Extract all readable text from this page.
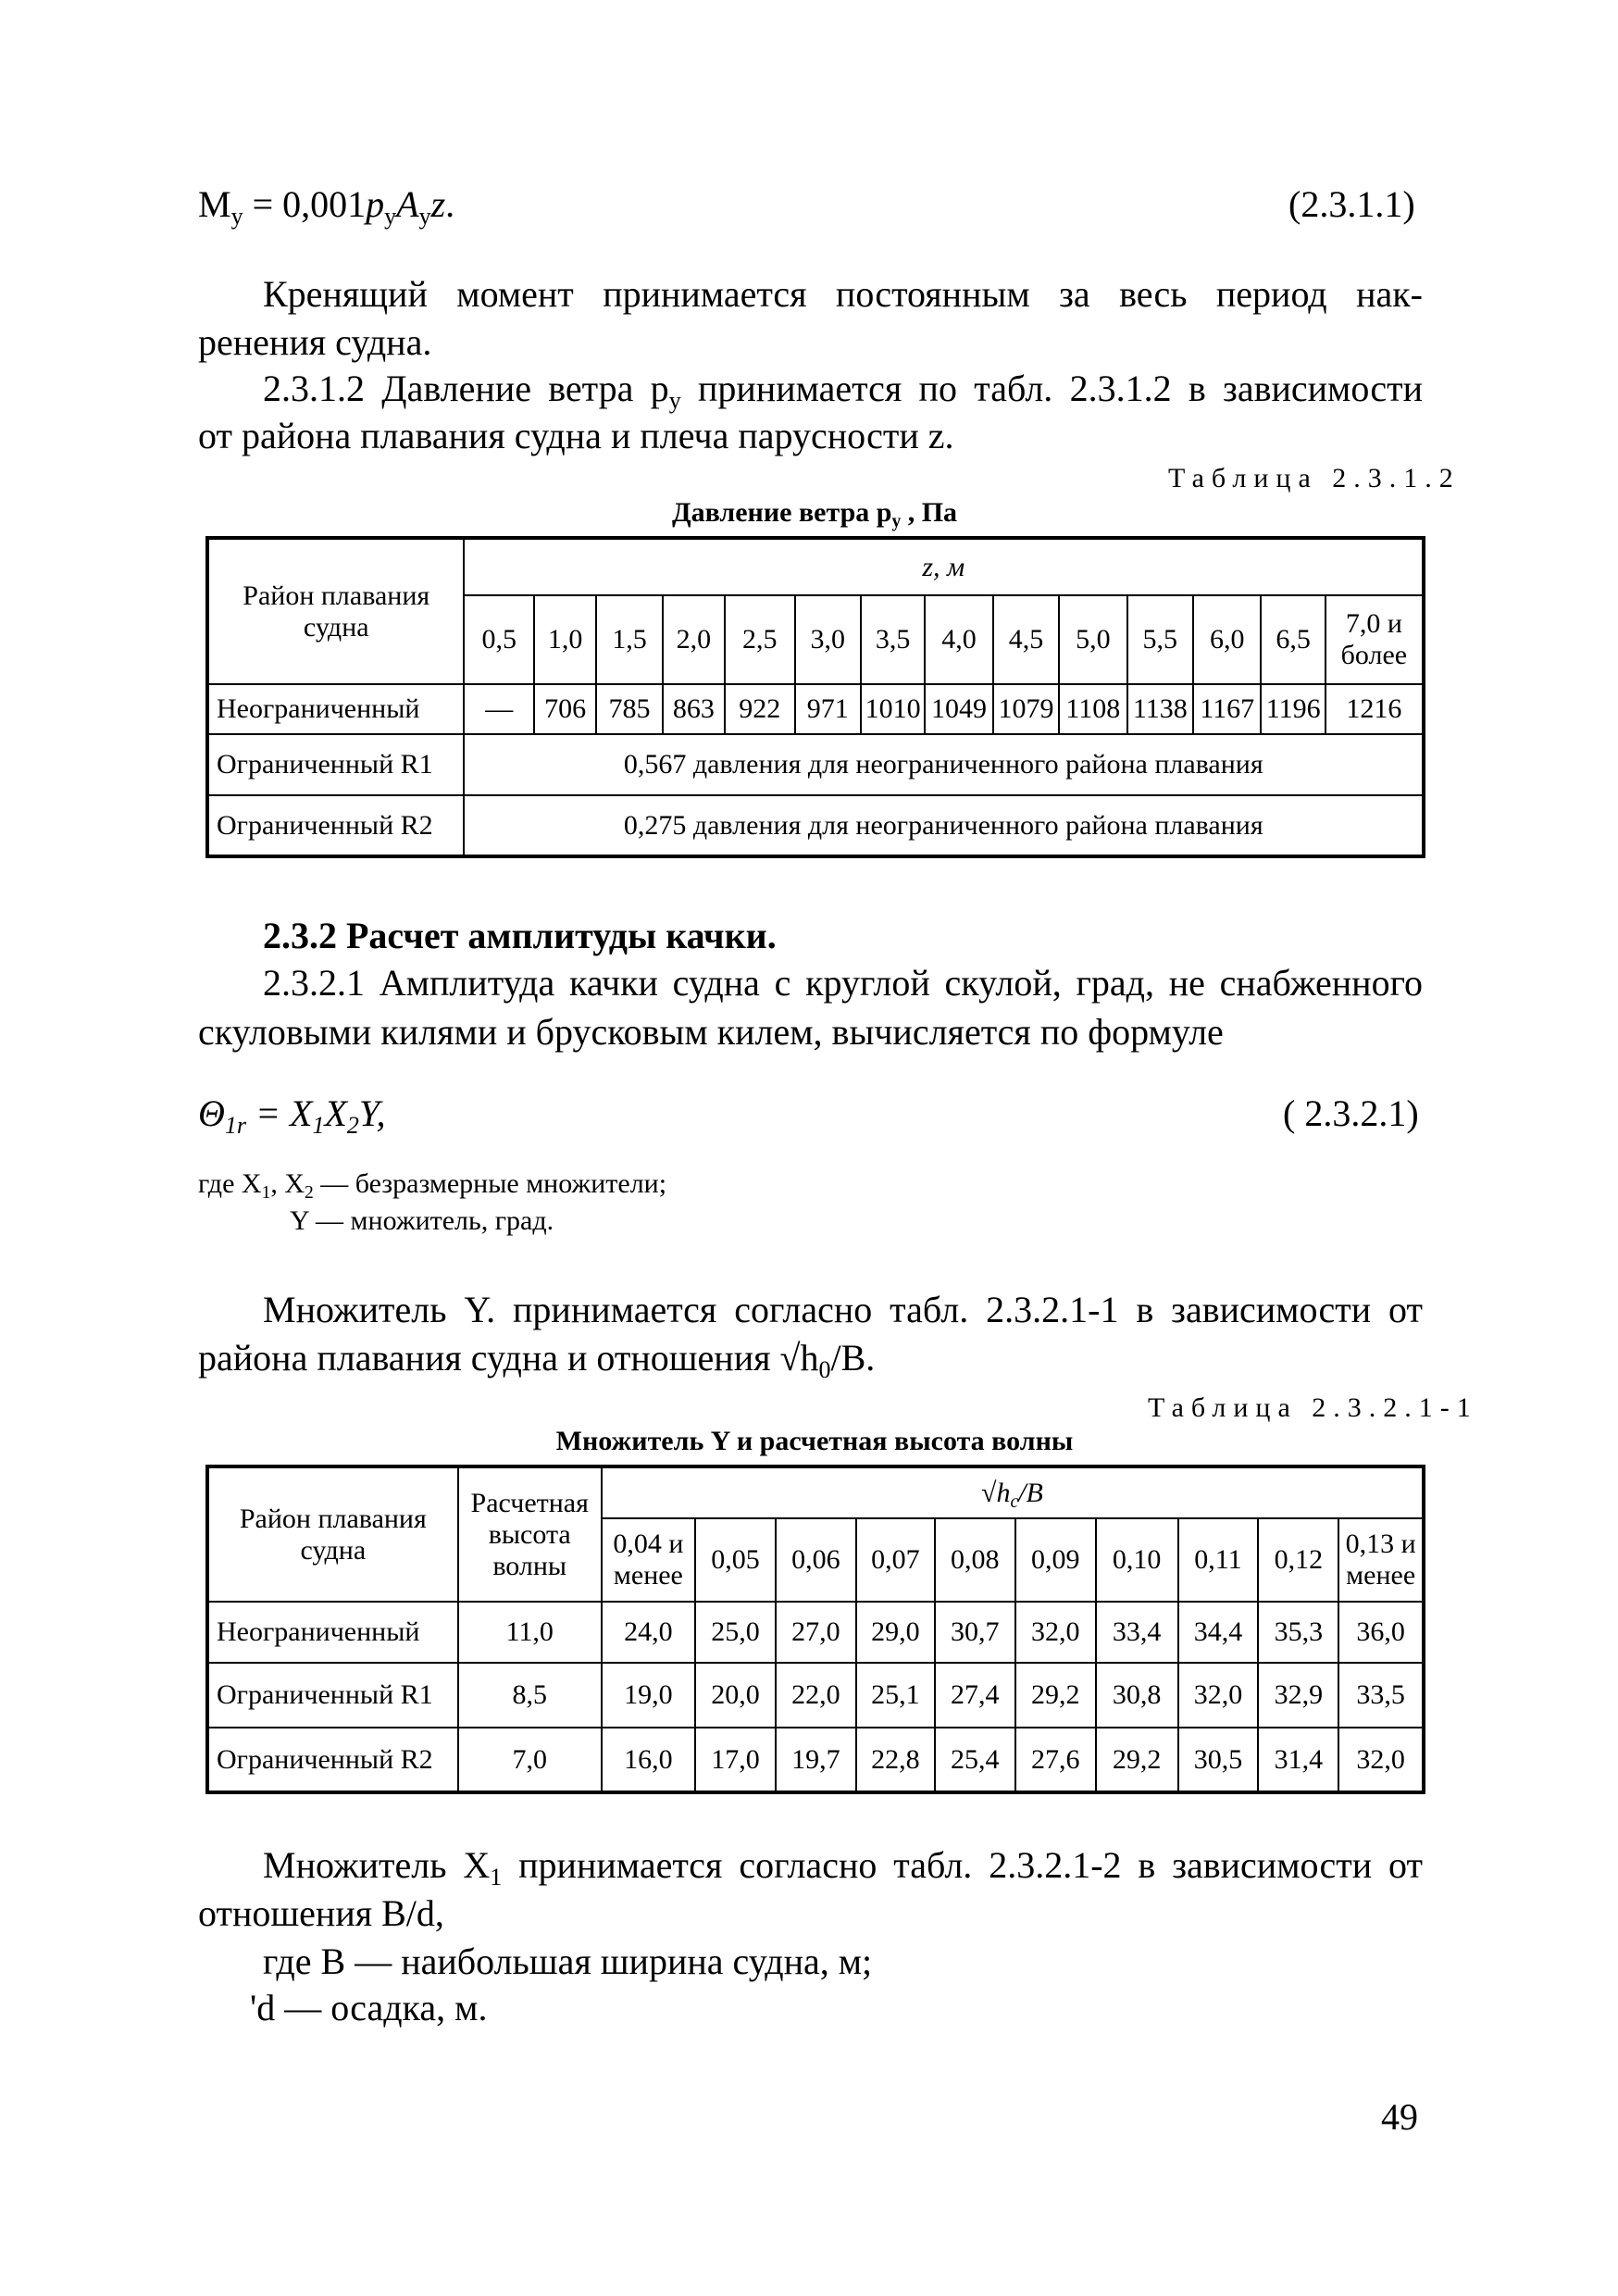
$M_y = 0,001p_yA_yz$.	(2.3.1.1)
Кренящий момент принимается постоянным за весь период нак-
ренения судна.
2.3.1.2 Давление ветра $p_y$ принимается по табл. 2.3.1.2 в зависимости
от района плавания судна и плеча парусности z.
Таблица 2.3.1.2
Давление ветра $p_y$ , Па
Район плавания судна	z, м													
	0,5	1,0	1,5	2,0	2,5	3,0	3,5	4,0	4,5	5,0	5,5	6,0	6,5	7,0 и более
Неограниченный	—	706	785	863	922	971	1010	1049	1079	1108	1138	1167	1196	1216
Ограниченный R1	0,567 давления для неограниченного района плавания													
Ограниченный R2	0,275 давления для неограниченного района плавания													
2.3.2 Расчет амплитуды качки.
2.3.2.1 Амплитуда качки судна с круглой скулой, град, не снабженного
скуловыми килями и брусковым килем, вычисляется по формуле
$\Theta_{1r} = X_1X_2Y$,	( 2.3.2.1)
где $X_1$, $X_2$ — безразмерные множители;
Y — множитель, град.
Множитель Y. принимается согласно табл. 2.3.2.1-1 в зависимости от
района плавания судна и отношения $√h_0/B$.
Таблица 2.3.2.1-1
Множитель Y и расчетная высота волны
Район плавания судна	Расчетная высота волны	$√h_c/B$									
		0,04 и менее	0,05	0,06	0,07	0,08	0,09	0,10	0,11	0,12	0,13 и менее
Неограниченный	11,0	24,0	25,0	27,0	29,0	30,7	32,0	33,4	34,4	35,3	36,0
Ограниченный R1	8,5	19,0	20,0	22,0	25,1	27,4	29,2	30,8	32,0	32,9	33,5
Ограниченный R2	7,0	16,0	17,0	19,7	22,8	25,4	27,6	29,2	30,5	31,4	32,0
Множитель $X_1$ принимается согласно табл. 2.3.2.1-2 в зависимости от
отношения B/d,
где B — наибольшая ширина судна, м;
'd — осадка, м.
49
